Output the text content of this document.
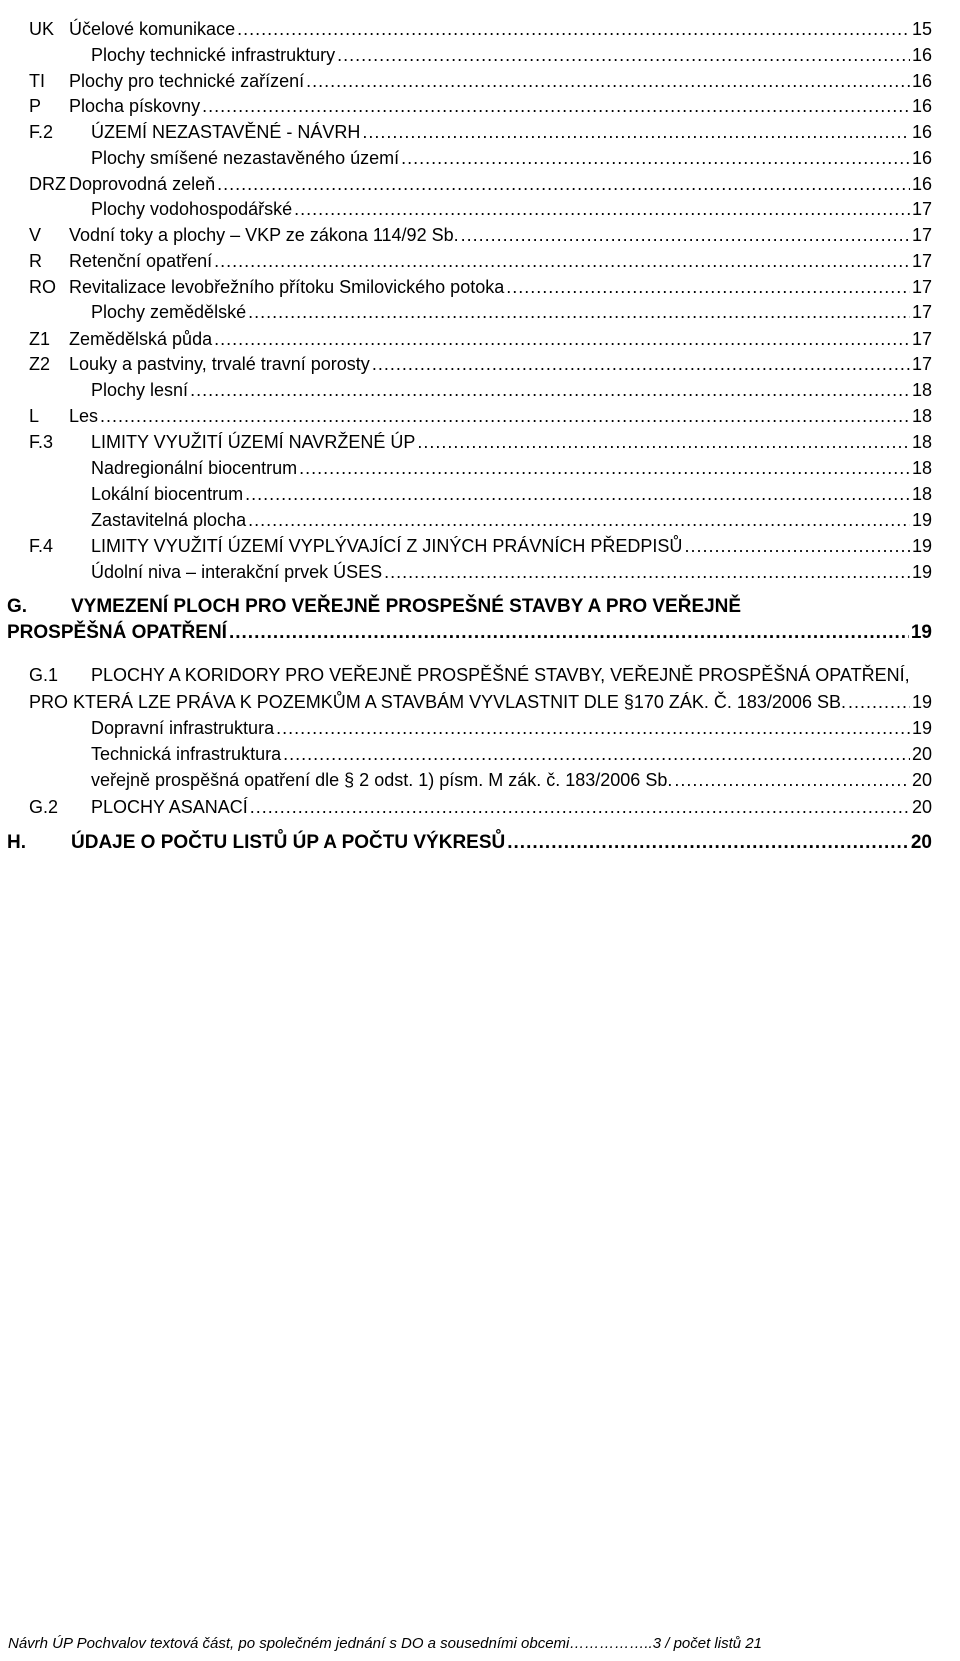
UK Účelové komunikace .....	15
Plochy technické infrastruktury .....	16
TI Plochy pro technické zařízení .....	16
P Plocha pískovny .....	16
F.2 ÚZEMÍ NEZASTAVĚNÉ - NÁVRH .....	16
Plochy smíšené nezastavěného území .....	16
DRZ Doprovodná zeleň .....	16
Plochy vodohospodářské .....	17
V Vodní toky a plochy – VKP ze zákona 114/92 Sb. .....	17
R Retenční opatření .....	17
RO Revitalizace levobřežního přítoku Smilovického potoka .....	17
Plochy zemědělské .....	17
Z1 Zemědělská půda .....	17
Z2 Louky a pastviny, trvalé travní porosty .....	17
Plochy lesní .....	18
L Les .....	18
F.3 LIMITY VYUŽITÍ ÚZEMÍ NAVRŽENÉ ÚP .....	18
Nadregionální biocentrum .....	18
Lokální biocentrum .....	18
Zastavitelná plocha .....	19
F.4 LIMITY VYUŽITÍ ÚZEMÍ VYPLÝVAJÍCÍ Z JINÝCH PRÁVNÍCH PŘEDPISŮ .....	19
Údolní niva – interakční prvek ÚSES .....	19
G. VYMEZENÍ PLOCH PRO VEŘEJNĚ PROSPEŠNÉ STAVBY A PRO VEŘEJNĚ
PROSPĚŠNÁ OPATŘENÍ .....	19
G.1 PLOCHY A KORIDORY PRO VEŘEJNĚ PROSPĚŠNÉ STAVBY, VEŘEJNĚ PROSPĚŠNÁ OPATŘENÍ,
PRO KTERÁ LZE PRÁVA K POZEMKŮM A STAVBÁM VYVLASTNIT DLE §170 ZÁK. Č. 183/2006 SB. .....	19
Dopravní infrastruktura .....	19
Technická infrastruktura .....	20
veřejně prospěšná opatření dle § 2 odst. 1) písm. M zák. č. 183/2006 Sb. .....	20
G.2 PLOCHY ASANACÍ .....	20
H. ÚDAJE O POČTU LISTŮ ÚP A POČTU VÝKRESŮ .....	20
Návrh ÚP Pochvalov textová část, po společném jednání s DO a sousedními obcemi……………..3 / počet listů 21
